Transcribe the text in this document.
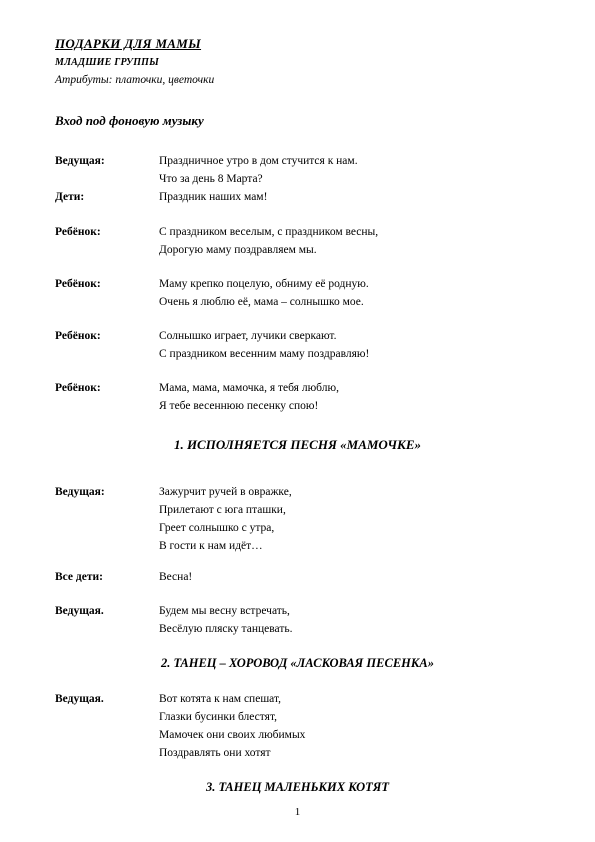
ПОДАРКИ ДЛЯ МАМЫ
МЛАДШИЕ ГРУППЫ
Атрибуты: платочки, цветочки
Вход под фоновую музыку
Ведущая:	Праздничное утро в дом стучится к нам.
Что за день 8 Марта?
Дети:	Праздник наших мам!
Ребёнок:	С праздником веселым, с праздником весны,
Дорогую маму поздравляем мы.
Ребёнок:	Маму крепко поцелую, обниму её родную.
Очень я люблю её, мама – солнышко мое.
Ребёнок:	Солнышко играет, лучики сверкают.
С праздником весенним маму поздравляю!
Ребёнок:	Мама, мама, мамочка, я тебя люблю,
Я тебе весеннюю песенку спою!
1. ИСПОЛНЯЕТСЯ ПЕСНЯ «МАМОЧКЕ»
Ведущая:	Зажурчит ручей в овражке,
Прилетают с юга пташки,
Греет солнышко с утра,
В гости к нам идёт…
Все дети:	Весна!
Ведущая.	Будем мы весну встречать,
Весёлую пляску танцевать.
2. ТАНЕЦ – ХОРОВОД «ЛАСКОВАЯ ПЕСЕНКА»
Ведущая.	Вот котята к нам спешат,
Глазки бусинки блестят,
Мамочек они своих любимых
Поздравлять они хотят
3. ТАНЕЦ МАЛЕНЬКИХ КОТЯТ
1
